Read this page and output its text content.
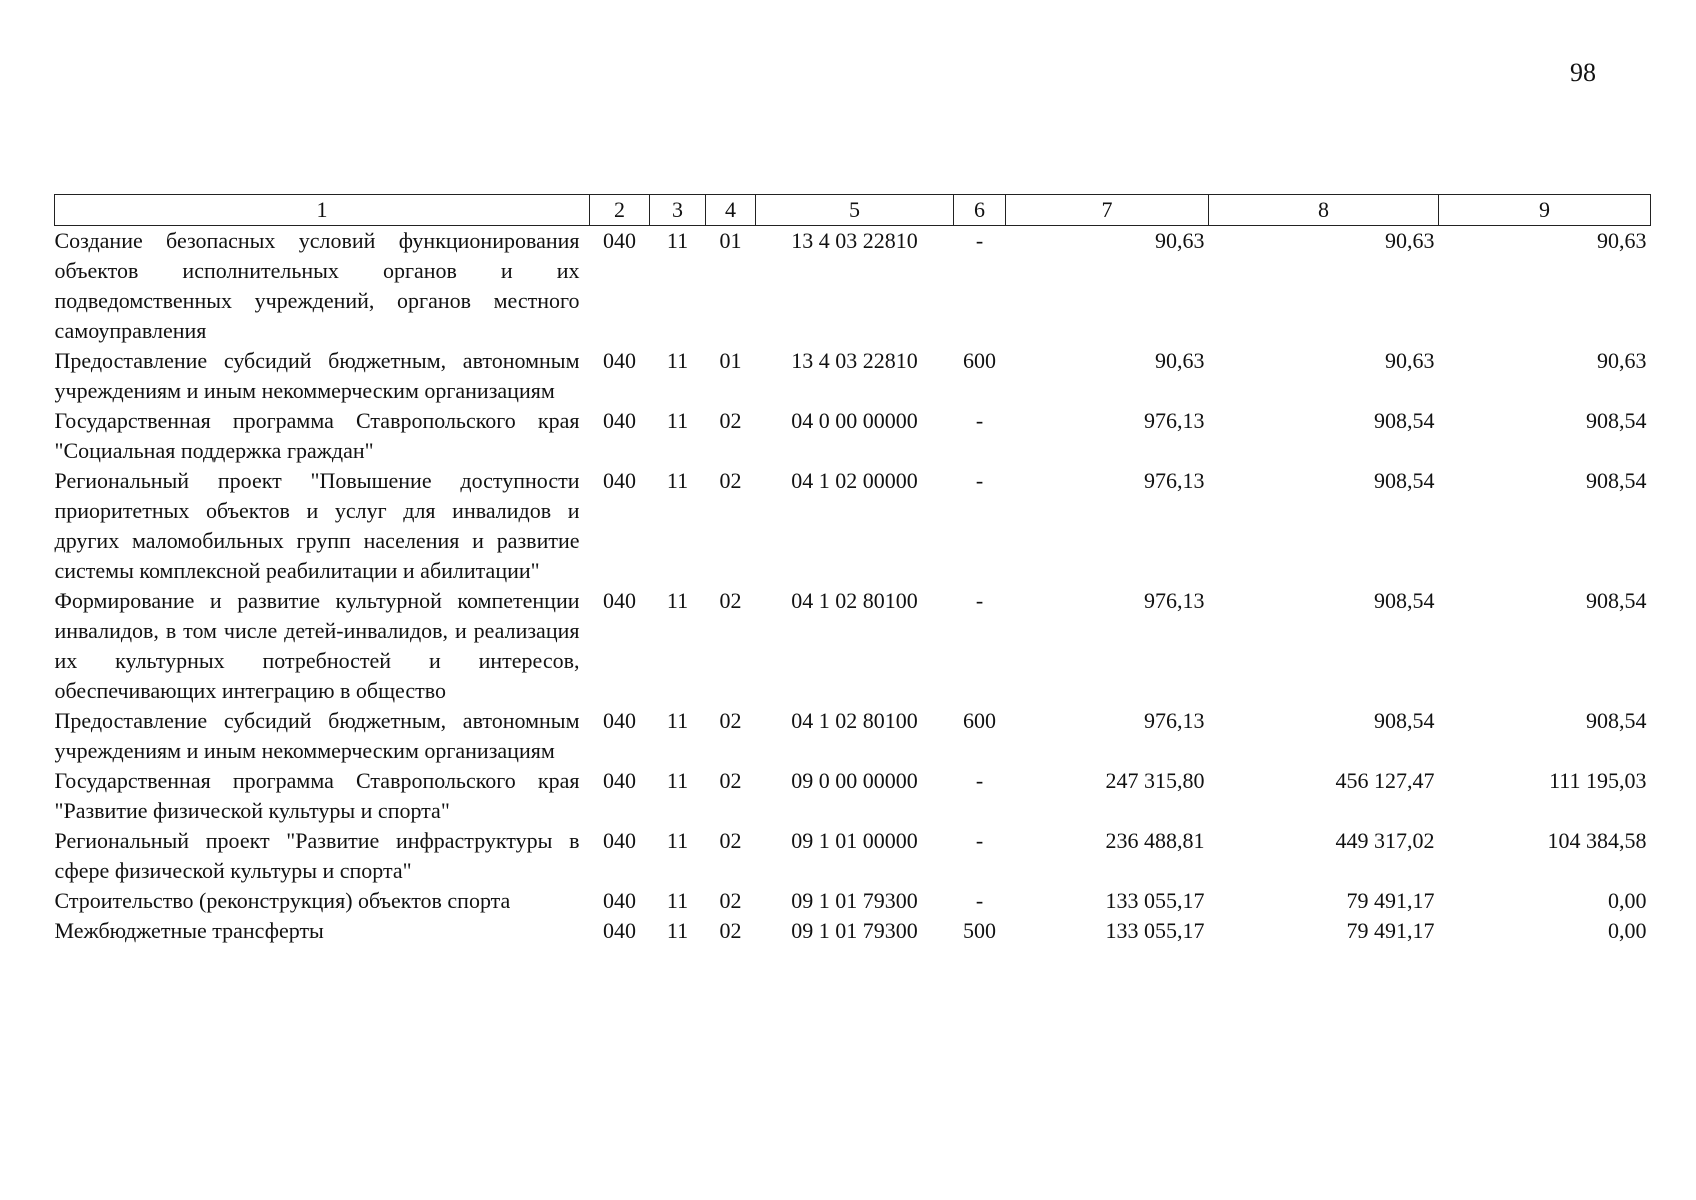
98
1	2	3	4	5	6	7	8	9
Создание безопасных условий функционирования объектов исполнительных органов и их подведомственных учреждений, органов местного самоуправления	040	11	01	13 4 03 22810	-	90,63	90,63	90,63
Предоставление субсидий бюджетным, автономным учреждениям и иным некоммерческим организациям	040	11	01	13 4 03 22810	600	90,63	90,63	90,63
Государственная программа Ставропольского края "Социальная поддержка граждан"	040	11	02	04 0 00 00000	-	976,13	908,54	908,54
Региональный проект "Повышение доступности приоритетных объектов и услуг для инвалидов и других маломобильных групп населения и развитие системы комплексной реабилитации и абилитации"	040	11	02	04 1 02 00000	-	976,13	908,54	908,54
Формирование и развитие культурной компетенции инвалидов, в том числе детей-инвалидов, и реализация их культурных потребностей и интересов, обеспечивающих интеграцию в общество	040	11	02	04 1 02 80100	-	976,13	908,54	908,54
Предоставление субсидий бюджетным, автономным учреждениям и иным некоммерческим организациям	040	11	02	04 1 02 80100	600	976,13	908,54	908,54
Государственная программа Ставропольского края "Развитие физической культуры и спорта"	040	11	02	09 0 00 00000	-	247 315,80	456 127,47	111 195,03
Региональный проект "Развитие инфраструктуры в сфере физической культуры и спорта"	040	11	02	09 1 01 00000	-	236 488,81	449 317,02	104 384,58
Строительство (реконструкция) объектов спорта	040	11	02	09 1 01 79300	-	133 055,17	79 491,17	0,00
Межбюджетные трансферты	040	11	02	09 1 01 79300	500	133 055,17	79 491,17	0,00
